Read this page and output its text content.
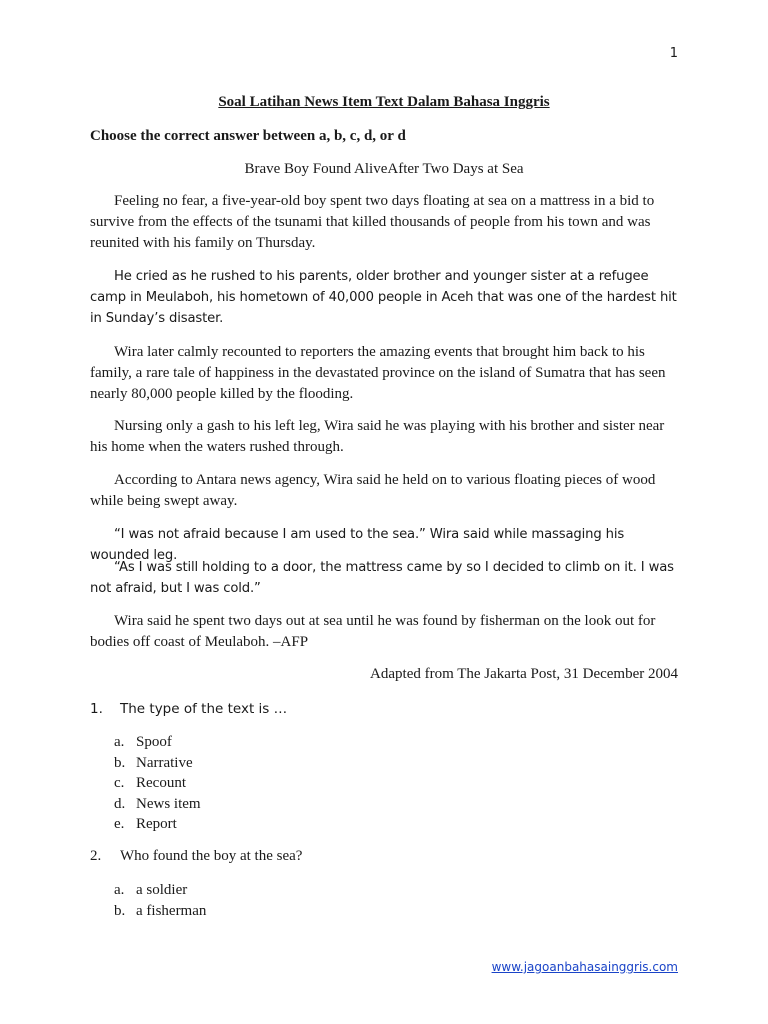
1
Soal Latihan News Item Text Dalam Bahasa Inggris
Choose the correct answer between a, b, c, d, or d
Brave Boy Found AliveAfter Two Days at Sea

Feeling no fear, a five-year-old boy spent two days floating at sea on a mattress in a bid to survive from the effects of the tsunami that killed thousands of people from his town and was reunited with his family on Thursday.

He cried as he rushed to his parents, older brother and younger sister at a refugee camp in Meulaboh, his hometown of 40,000 people in Aceh that was one of the hardest hit in Sunday’s disaster.

Wira later calmly recounted to reporters the amazing events that brought him back to his family, a rare tale of happiness in the devastated province on the island of Sumatra that has seen nearly 80,000 people killed by the flooding.

Nursing only a gash to his left leg, Wira said he was playing with his brother and sister near his home when the waters rushed through.

According to Antara news agency, Wira said he held on to various floating pieces of wood while being swept away.

“I was not afraid because I am used to the sea.” Wira said while massaging his wounded leg.

“As I was still holding to a door, the mattress came by so I decided to climb on it. I was not afraid, but I was cold.”

Wira said he spent two days out at sea until he was found by fisherman on the look out for bodies off coast of Meulaboh. –AFP

Adapted from The Jakarta Post, 31 December 2004
1. The type of the text is …
a. Spoof
b. Narrative
c. Recount
d. News item
e. Report
2. Who found the boy at the sea?
a. a soldier
b. a fisherman
www.jagoanbahasainggris.com
